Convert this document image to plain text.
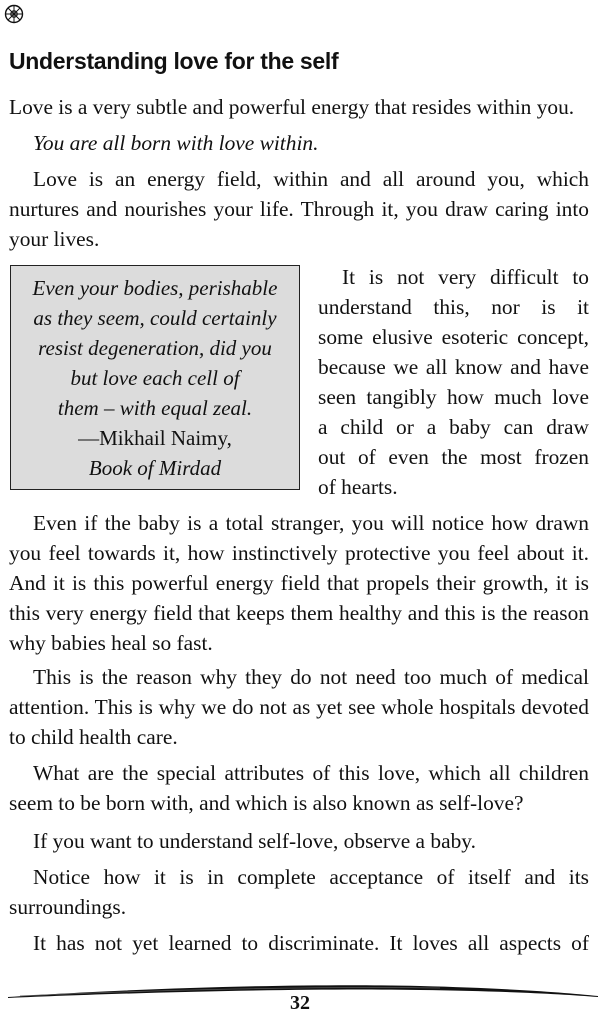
Understanding love for the self

Love is a very subtle and powerful energy that resides within you.

You are all born with love within.

Love is an energy field, within and all around you, which nurtures and nourishes your life. Through it, you draw caring into your lives.

Even your bodies, perishable
as they seem, could certainly
resist degeneration, did you
but love each cell of
them – with equal zeal.
—Mikhail Naimy,
Book of Mirdad
It is not very difficult to
understand this, nor is it
some elusive esoteric concept,
because we all know and have
seen tangibly how much love
a child or a baby can draw
out of even the most frozen
of hearts.

Even if the baby is a total stranger, you will notice how drawn you feel towards it, how instinctively protective you feel about it. And it is this powerful energy field that propels their growth, it is this very energy field that keeps them healthy and this is the reason why babies heal so fast.

This is the reason why they do not need too much of medical attention. This is why we do not as yet see whole hospitals devoted to child health care.

What are the special attributes of this love, which all children seem to be born with, and which is also known as self-love?

If you want to understand self-love, observe a baby.

Notice how it is in complete acceptance of itself and its surroundings.

It has not yet learned to discriminate. It loves all aspects of

32
